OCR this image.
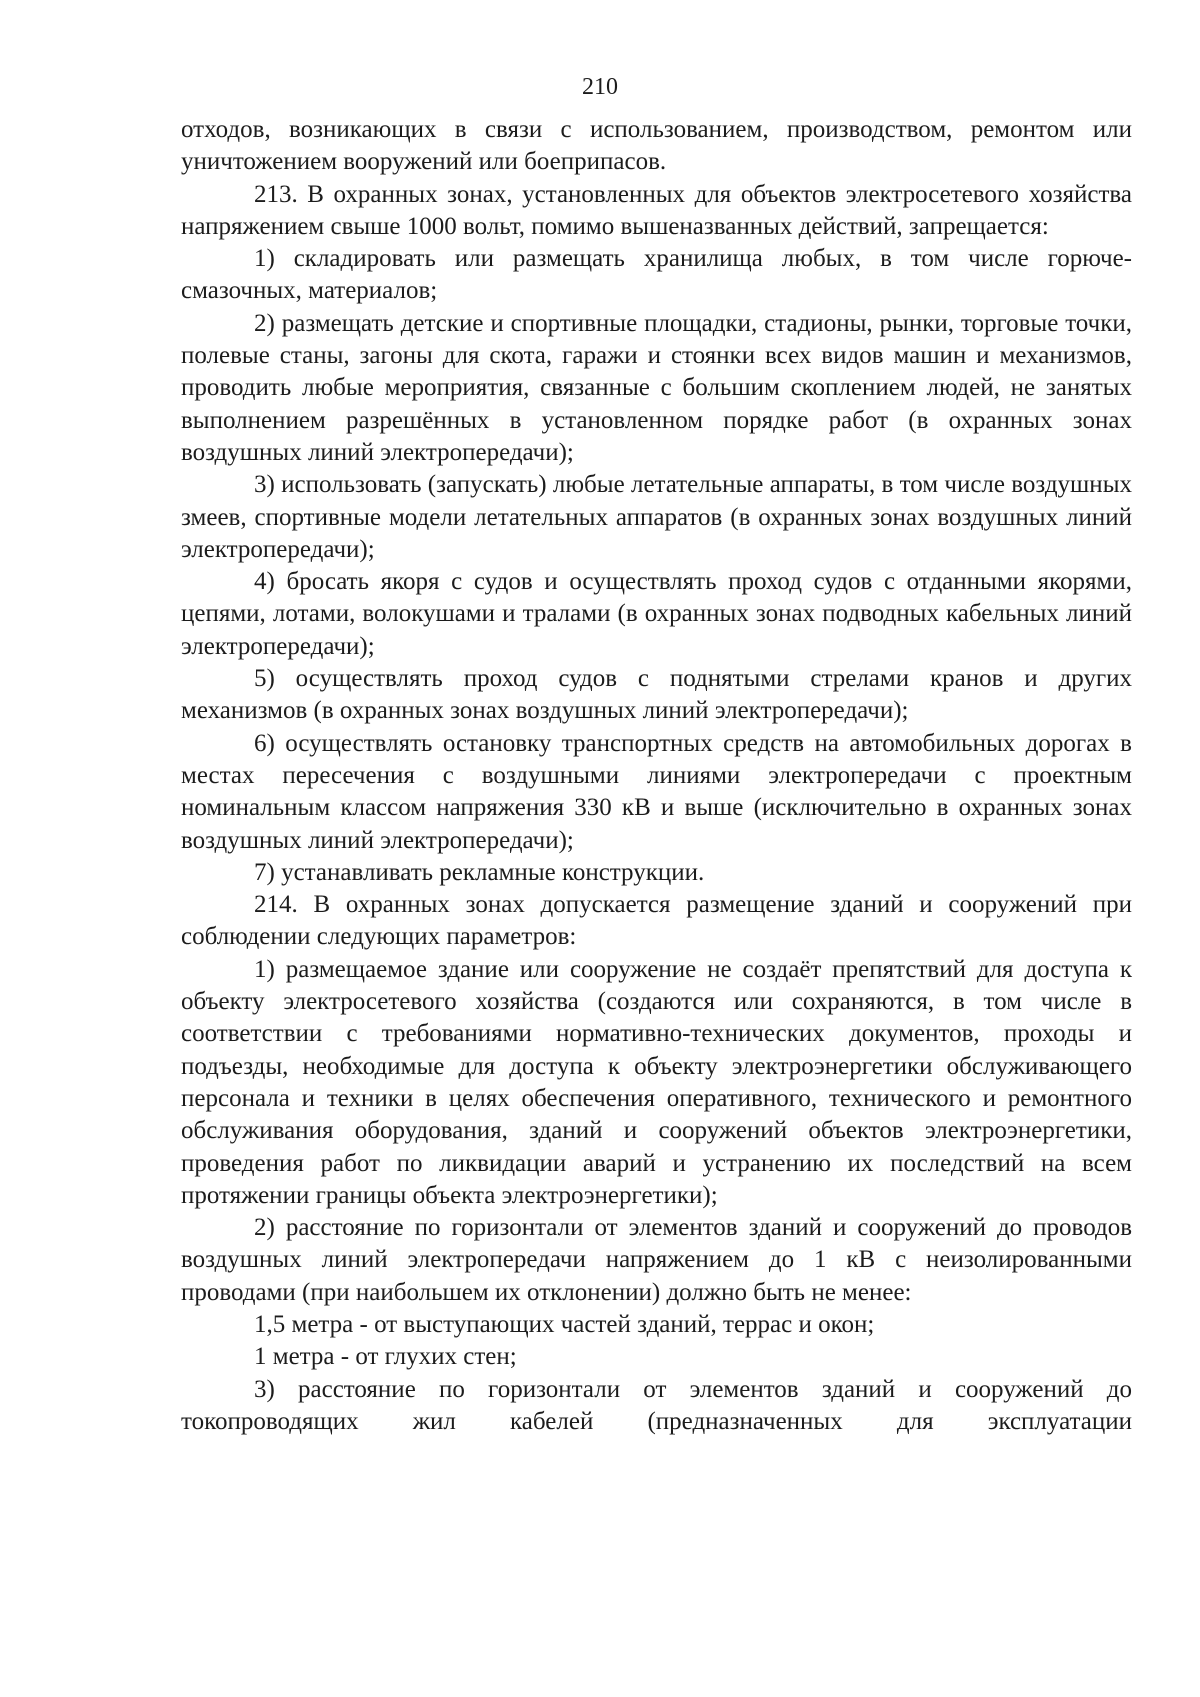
210

отходов, возникающих в связи с использованием, производством, ремонтом или уничтожением вооружений или боеприпасов.

213. В охранных зонах, установленных для объектов электросетевого хозяйства напряжением свыше 1000 вольт, помимо вышеназванных действий, запрещается:

1) складировать или размещать хранилища любых, в том числе горюче-смазочных, материалов;

2) размещать детские и спортивные площадки, стадионы, рынки, торговые точки, полевые станы, загоны для скота, гаражи и стоянки всех видов машин и механизмов, проводить любые мероприятия, связанные с большим скоплением людей, не занятых выполнением разрешённых в установленном порядке работ (в охранных зонах воздушных линий электропередачи);

3) использовать (запускать) любые летательные аппараты, в том числе воздушных змеев, спортивные модели летательных аппаратов (в охранных зонах воздушных линий электропередачи);

4) бросать якоря с судов и осуществлять проход судов с отданными якорями, цепями, лотами, волокушами и тралами (в охранных зонах подводных кабельных линий электропередачи);

5) осуществлять проход судов с поднятыми стрелами кранов и других механизмов (в охранных зонах воздушных линий электропередачи);

6) осуществлять остановку транспортных средств на автомобильных дорогах в местах пересечения с воздушными линиями электропередачи с проектным номинальным классом напряжения 330 кВ и выше (исключительно в охранных зонах воздушных линий электропередачи);

7) устанавливать рекламные конструкции.

214. В охранных зонах допускается размещение зданий и сооружений при соблюдении следующих параметров:

1) размещаемое здание или сооружение не создаёт препятствий для доступа к объекту электросетевого хозяйства (создаются или сохраняются, в том числе в соответствии с требованиями нормативно-технических документов, проходы и подъезды, необходимые для доступа к объекту электроэнергетики обслуживающего персонала и техники в целях обеспечения оперативного, технического и ремонтного обслуживания оборудования, зданий и сооружений объектов электроэнергетики, проведения работ по ликвидации аварий и устранению их последствий на всем протяжении границы объекта электроэнергетики);

2) расстояние по горизонтали от элементов зданий и сооружений до проводов воздушных линий электропередачи напряжением до 1 кВ с неизолированными проводами (при наибольшем их отклонении) должно быть не менее:

1,5 метра - от выступающих частей зданий, террас и окон;

1 метра - от глухих стен;

3) расстояние по горизонтали от элементов зданий и сооружений до токопроводящих жил кабелей (предназначенных для эксплуатации
